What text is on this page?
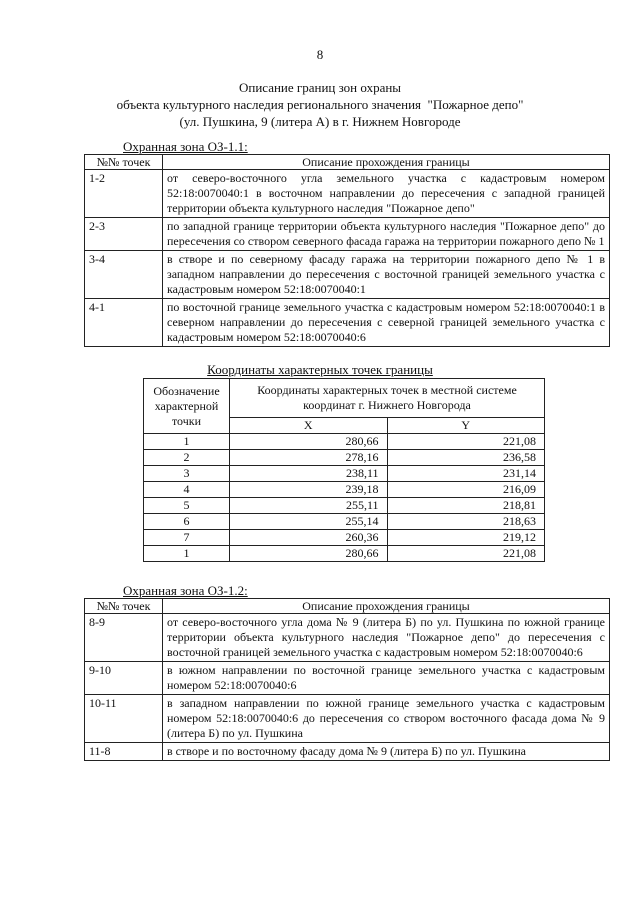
8
Описание границ зон охраны
объекта культурного наследия регионального значения  "Пожарное депо"
(ул. Пушкина, 9 (литера А) в г. Нижнем Новгороде
Охранная зона ОЗ-1.1:
№№ точек	Описание прохождения границы
1-2	от северо-восточного угла земельного участка с кадастровым номером 52:18:0070040:1 в восточном направлении до пересечения с западной границей территории объекта культурного наследия "Пожарное депо"
2-3	по западной границе территории объекта культурного наследия "Пожарное депо" до пересечения со створом северного фасада гаража на территории пожарного депо № 1
3-4	в створе и по северному фасаду гаража на территории пожарного депо № 1 в западном направлении до пересечения с восточной границей земельного участка с кадастровым номером 52:18:0070040:1
4-1	по восточной границе земельного участка с кадастровым номером 52:18:0070040:1 в северном направлении до пересечения с северной границей земельного участка с кадастровым номером 52:18:0070040:6
Координаты характерных точек границы
Обозначение характерной точки	Координаты характерных точек в местной системе координат г. Нижнего Новгорода	
	X	Y
1	280,66	221,08
2	278,16	236,58
3	238,11	231,14
4	239,18	216,09
5	255,11	218,81
6	255,14	218,63
7	260,36	219,12
1	280,66	221,08
Охранная зона ОЗ-1.2:
№№ точек	Описание прохождения границы
8-9	от северо-восточного угла дома № 9 (литера Б) по ул. Пушкина по южной границе территории объекта культурного наследия "Пожарное депо" до пересечения с восточной границей земельного участка с кадастровым номером 52:18:0070040:6
9-10	в южном направлении по восточной границе земельного участка с кадастровым номером 52:18:0070040:6
10-11	в западном направлении по южной границе земельного участка с кадастровым номером 52:18:0070040:6 до пересечения со створом восточного фасада дома № 9 (литера Б) по ул. Пушкина
11-8	в створе и по восточному фасаду дома № 9 (литера Б) по ул. Пушкина
